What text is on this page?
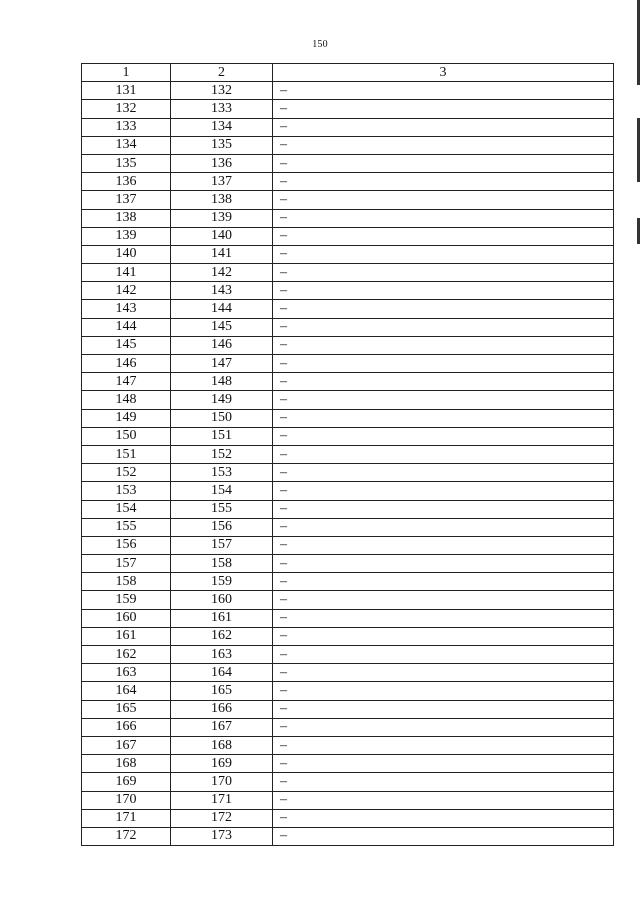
150
1	2	3
131	132	–
132	133	–
133	134	–
134	135	–
135	136	–
136	137	–
137	138	–
138	139	–
139	140	–
140	141	–
141	142	–
142	143	–
143	144	–
144	145	–
145	146	–
146	147	–
147	148	–
148	149	–
149	150	–
150	151	–
151	152	–
152	153	–
153	154	–
154	155	–
155	156	–
156	157	–
157	158	–
158	159	–
159	160	–
160	161	–
161	162	–
162	163	–
163	164	–
164	165	–
165	166	–
166	167	–
167	168	–
168	169	–
169	170	–
170	171	–
171	172	–
172	173	–
